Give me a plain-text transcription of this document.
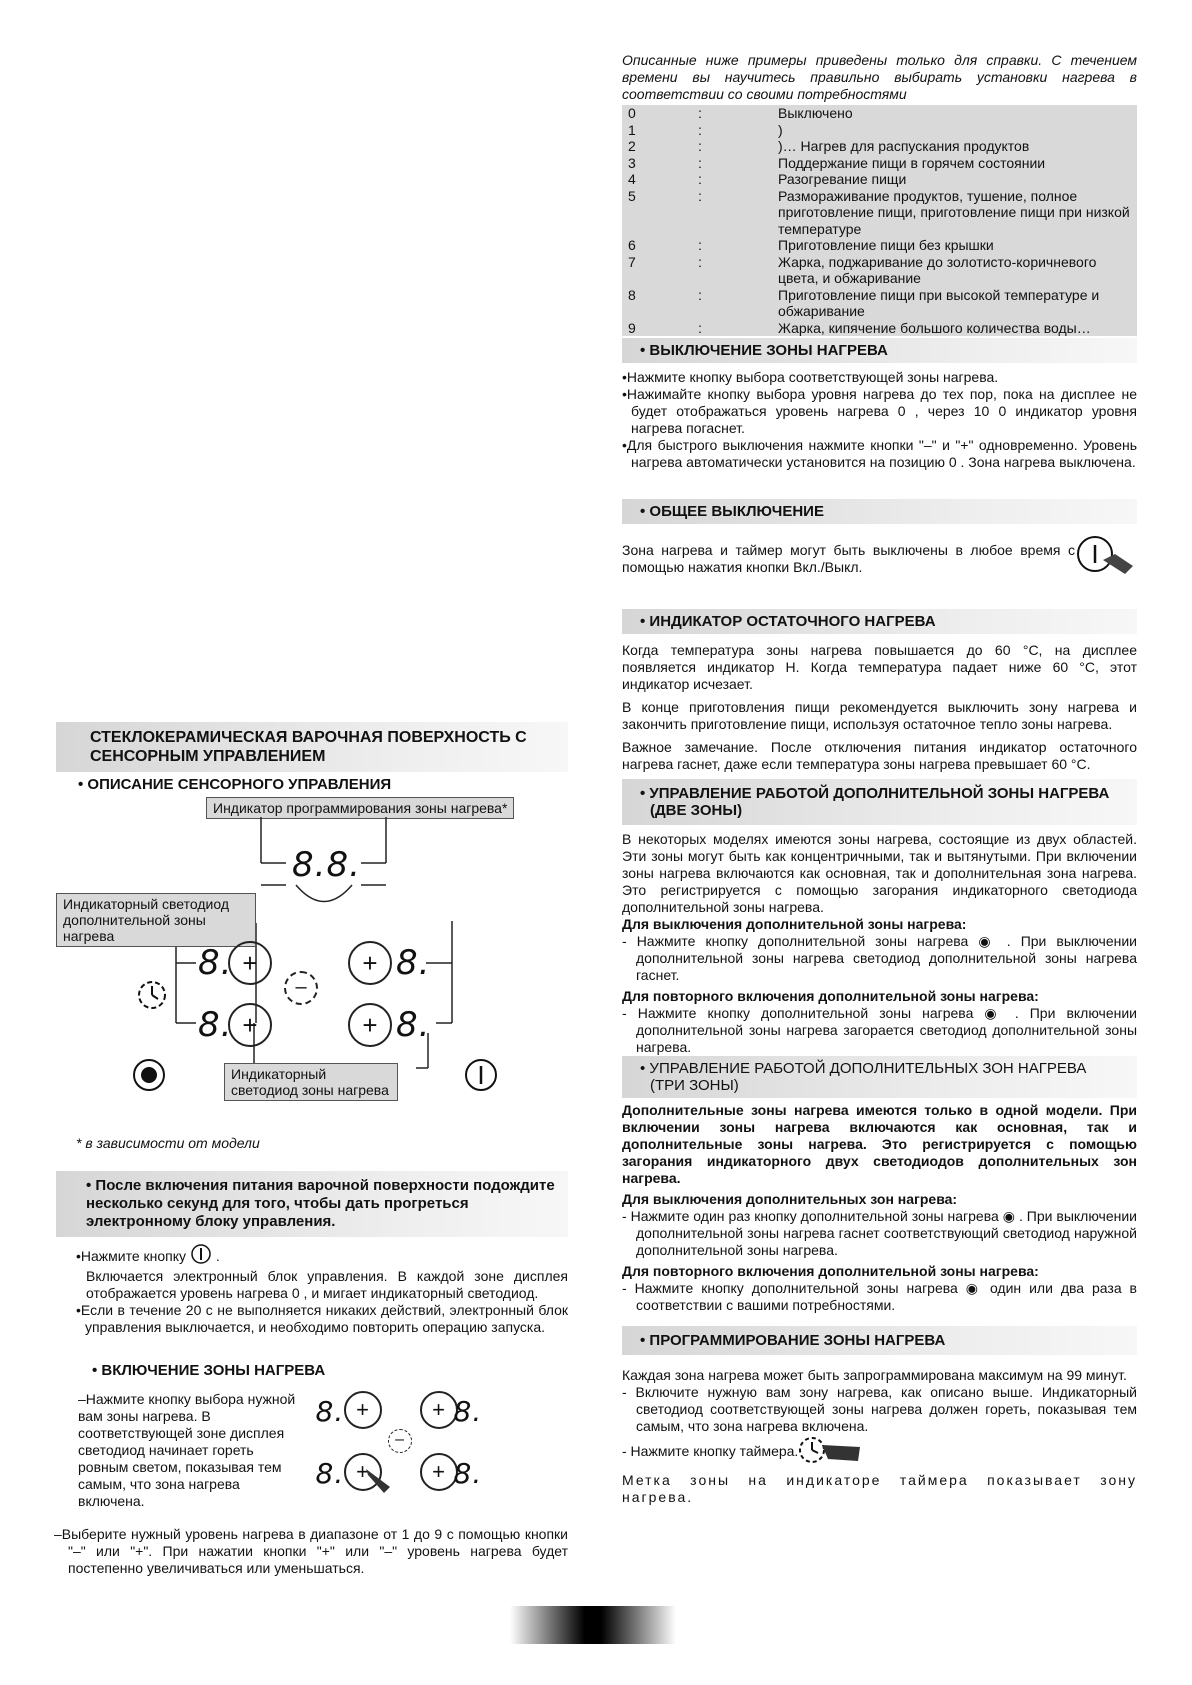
Описанные ниже примеры приведены только для справки. С течением времени вы научитесь правильно выбирать установки нагрева в соответствии со своими потребностями

0	:	Выключено
1	:	)
2	:	)… Нагрев для распускания продуктов
3	:	Поддержание пищи в горячем состоянии
4	:	Разогревание пищи
5	:	Размораживание продуктов, тушение, полное приготовление пищи, приготовление пищи при низкой температуре
6	:	Приготовление пищи без крышки
7	:	Жарка, поджаривание до золотисто-коричневого цвета, и обжаривание
8	:	Приготовление пищи при высокой температуре и обжаривание
9	:	Жарка, кипячение большого количества воды…
• ВЫКЛЮЧЕНИЕ ЗОНЫ НАГРЕВА

•Нажмите кнопку выбора соответствующей зоны нагрева.

•Нажимайте кнопку выбора уровня нагрева до тех пор, пока на дисплее не будет отображаться уровень нагрева 0 , через 10 0 индикатор уровня нагрева погаснет.

•Для быстрого выключения нажмите кнопки "–" и "+" одновременно. Уровень нагрева автоматически установится на позицию 0 . Зона нагрева выключена.

• ОБЩЕЕ ВЫКЛЮЧЕНИЕ

Зона нагрева и таймер могут быть выключены в любое время с помощью нажатия кнопки Вкл./Выкл.

• ИНДИКАТОР ОСТАТОЧНОГО НАГРЕВА

Когда температура зоны нагрева повышается до 60 °С, на дисплее появляется индикатор H. Когда температура падает ниже 60 °С, этот индикатор исчезает.

В конце приготовления пищи рекомендуется выключить зону нагрева и закончить приготовление пищи, используя остаточное тепло зоны нагрева.

Важное замечание. После отключения питания индикатор остаточного нагрева гаснет, даже если температура зоны нагрева превышает 60 °С.

• УПРАВЛЕНИЕ РАБОТОЙ ДОПОЛНИТЕЛЬНОЙ ЗОНЫ НАГРЕВА
(ДВЕ ЗОНЫ)

В некоторых моделях имеются зоны нагрева, состоящие из двух областей. Эти зоны могут быть как концентричными, так и вытянутыми. При включении зоны нагрева включаются как основная, так и дополнительная зона нагрева. Это регистрируется с помощью загорания индикаторного светодиода дополнительной зоны нагрева.

Для выключения дополнительной зоны нагрева:

- Нажмите кнопку дополнительной зоны нагрева ◉ . При выключении дополнительной зоны нагрева светодиод дополнительной зоны нагрева гаснет.

Для повторного включения дополнительной зоны нагрева:

- Нажмите кнопку дополнительной зоны нагрева ◉ . При включении дополнительной зоны нагрева загорается светодиод дополнительной зоны нагрева.

• УПРАВЛЕНИЕ РАБОТОЙ ДОПОЛНИТЕЛЬНЫХ ЗОН НАГРЕВА
(ТРИ ЗОНЫ)

Дополнительные зоны нагрева имеются только в одной модели. При включении зоны нагрева включаются как основная, так и дополнительные зоны нагрева. Это регистрируется с помощью загорания индикаторного двух светодиодов дополнительных зон нагрева.

Для выключения дополнительных зон нагрева:

- Нажмите один раз кнопку дополнительной зоны нагрева ◉ . При выключении дополнительной зоны нагрева гаснет соответствующий светодиод наружной дополнительной зоны нагрева.

Для повторного включения дополнительной зоны нагрева:

- Нажмите кнопку дополнительной зоны нагрева ◉ один или два раза в соответствии с вашими потребностями.

• ПРОГРАММИРОВАНИЕ ЗОНЫ НАГРЕВА

Каждая зона нагрева может быть запрограммирована максимум на 99 минут.

- Включите нужную вам зону нагрева, как описано выше. Индикаторный светодиод соответствующей зоны нагрева должен гореть, показывая тем самым, что зона нагрева включена.

- Нажмите кнопку таймера.

Метка зоны на индикаторе таймера показывает зону нагрева.

СТЕКЛОКЕРАМИЧЕСКАЯ ВАРОЧНАЯ ПОВЕРХНОСТЬ С СЕНСОРНЫМ УПРАВЛЕНИЕМ
• ОПИСАНИЕ СЕНСОРНОГО УПРАВЛЕНИЯ
Индикатор программирования зоны нагрева*
8.8.
Индикаторный светодиод дополнительной зоны нагрева
8. +	+ 8.
8. +	+ 8.
–
Индикаторный светодиод зоны нагрева
* в зависимости от модели
• После включения питания варочной поверхности подождите несколько секунд для того, чтобы дать прогреться электронному блоку управления.
•Нажмите кнопку .

Включается электронный блок управления. В каждой зоне дисплея отображается уровень нагрева 0 , и мигает индикаторный светодиод.

•Если в течение 20 с не выполняется никаких действий, электронный блок управления выключается, и необходимо повторить операцию запуска.

• ВКЛЮЧЕНИЕ ЗОНЫ НАГРЕВА

–Нажмите кнопку выбора нужной вам зоны нагрева. В соответствующей зоне дисплея светодиод начинает гореть ровным светом, показывая тем самым, что зона нагрева включена.

8. +	+ 8.
–
8. +	+ 8.

–Выберите нужный уровень нагрева в диапазоне от 1 до 9 с помощью кнопки "–" или "+". При нажатии кнопки "+" или "–" уровень нагрева будет постепенно увеличиваться или уменьшаться.
